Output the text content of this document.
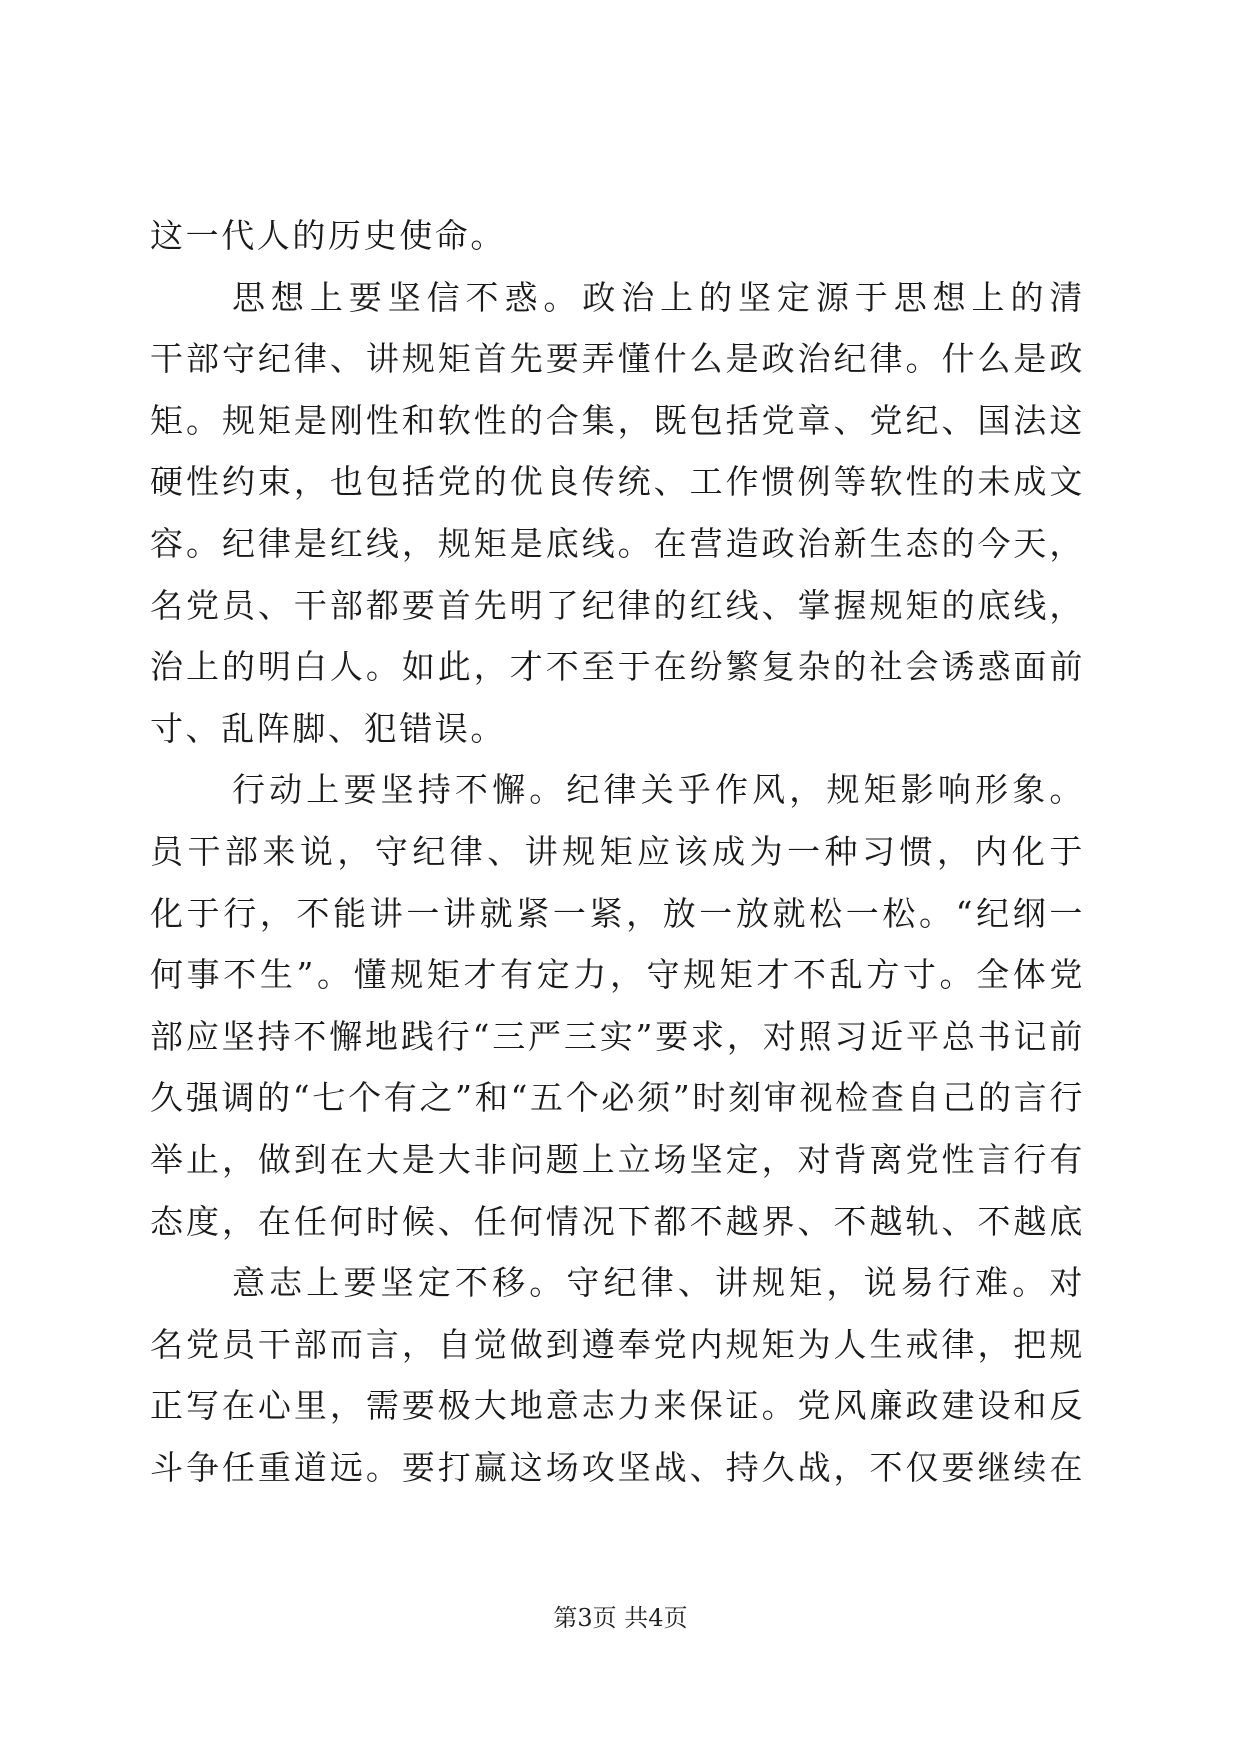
这一代人的历史使命。
思想上要坚信不惑。政治上的坚定源于思想上的清
干部守纪律、讲规矩首先要弄懂什么是政治纪律。什么是政
矩。规矩是刚性和软性的合集，既包括党章、党纪、国法这
硬性约束，也包括党的优良传统、工作惯例等软性的未成文
容。纪律是红线，规矩是底线。在营造政治新生态的今天，
名党员、干部都要首先明了纪律的红线、掌握规矩的底线，
治上的明白人。如此，才不至于在纷繁复杂的社会诱惑面前
寸、乱阵脚、犯错误。
行动上要坚持不懈。纪律关乎作风，规矩影响形象。
员干部来说，守纪律、讲规矩应该成为一种习惯，内化于
化于行，不能讲一讲就紧一紧，放一放就松一松。“纪纲一
何事不生”。懂规矩才有定力，守规矩才不乱方寸。全体党
部应坚持不懈地践行“三严三实”要求，对照习近平总书记前
久强调的“七个有之”和“五个必须”时刻审视检查自己的言行
举止，做到在大是大非问题上立场坚定，对背离党性言行有
态度，在任何时候、任何情况下都不越界、不越轨、不越底
意志上要坚定不移。守纪律、讲规矩，说易行难。对
名党员干部而言，自觉做到遵奉党内规矩为人生戒律，把规
正写在心里，需要极大地意志力来保证。党风廉政建设和反
斗争任重道远。要打赢这场攻坚战、持久战，不仅要继续在
第3页 共4页
